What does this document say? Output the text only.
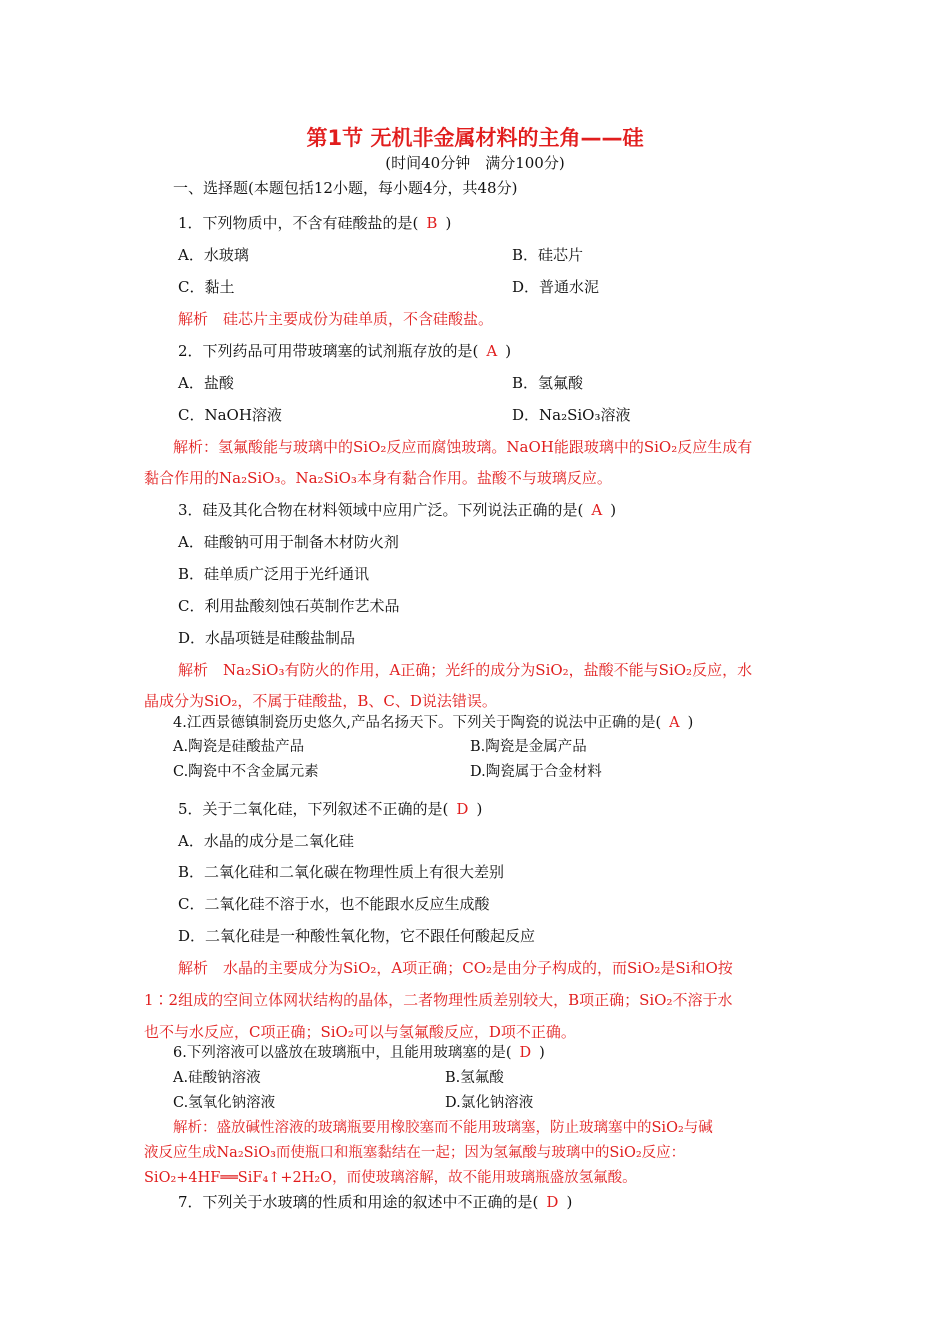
第1节 无机非金属材料的主角——硅
(时间40分钟　满分100分)
一、选择题(本题包括12小题，每小题4分，共48分)
1．下列物质中，不含有硅酸盐的是( B )
A．水玻璃	B．硅芯片
C．黏土	D．普通水泥
解析　硅芯片主要成份为硅单质，不含硅酸盐。
2．下列药品可用带玻璃塞的试剂瓶存放的是( A )
A．盐酸	B．氢氟酸
C．NaOH溶液	D．Na₂SiO₃溶液
解析：氢氟酸能与玻璃中的SiO₂反应而腐蚀玻璃。NaOH能跟玻璃中的SiO₂反应生成有
黏合作用的Na₂SiO₃。Na₂SiO₃本身有黏合作用。盐酸不与玻璃反应。
3．硅及其化合物在材料领域中应用广泛。下列说法正确的是( A )
A．硅酸钠可用于制备木材防火剂
B．硅单质广泛用于光纤通讯
C．利用盐酸刻蚀石英制作艺术品
D．水晶项链是硅酸盐制品
解析　Na₂SiO₃有防火的作用，A正确；光纤的成分为SiO₂，盐酸不能与SiO₂反应，水
晶成分为SiO₂，不属于硅酸盐，B、C、D说法错误。
4.江西景德镇制瓷历史悠久,产品名扬天下。下列关于陶瓷的说法中正确的是( A )
A.陶瓷是硅酸盐产品	B.陶瓷是金属产品
C.陶瓷中不含金属元素	D.陶瓷属于合金材料
5．关于二氧化硅，下列叙述不正确的是( D )
A．水晶的成分是二氧化硅
B．二氧化硅和二氧化碳在物理性质上有很大差别
C．二氧化硅不溶于水，也不能跟水反应生成酸
D．二氧化硅是一种酸性氧化物，它不跟任何酸起反应
解析　水晶的主要成分为SiO₂，A项正确；CO₂是由分子构成的，而SiO₂是Si和O按
1∶2组成的空间立体网状结构的晶体，二者物理性质差别较大，B项正确；SiO₂不溶于水
也不与水反应，C项正确；SiO₂可以与氢氟酸反应，D项不正确。
6.下列溶液可以盛放在玻璃瓶中，且能用玻璃塞的是( D )
A.硅酸钠溶液	B.氢氟酸
C.氢氧化钠溶液	D.氯化钠溶液
解析：盛放碱性溶液的玻璃瓶要用橡胶塞而不能用玻璃塞，防止玻璃塞中的SiO₂与碱
液反应生成Na₂SiO₃而使瓶口和瓶塞黏结在一起；因为氢氟酸与玻璃中的SiO₂反应：
SiO₂+4HF══SiF₄↑+2H₂O，而使玻璃溶解，故不能用玻璃瓶盛放氢氟酸。
7．下列关于水玻璃的性质和用途的叙述中不正确的是( D )
